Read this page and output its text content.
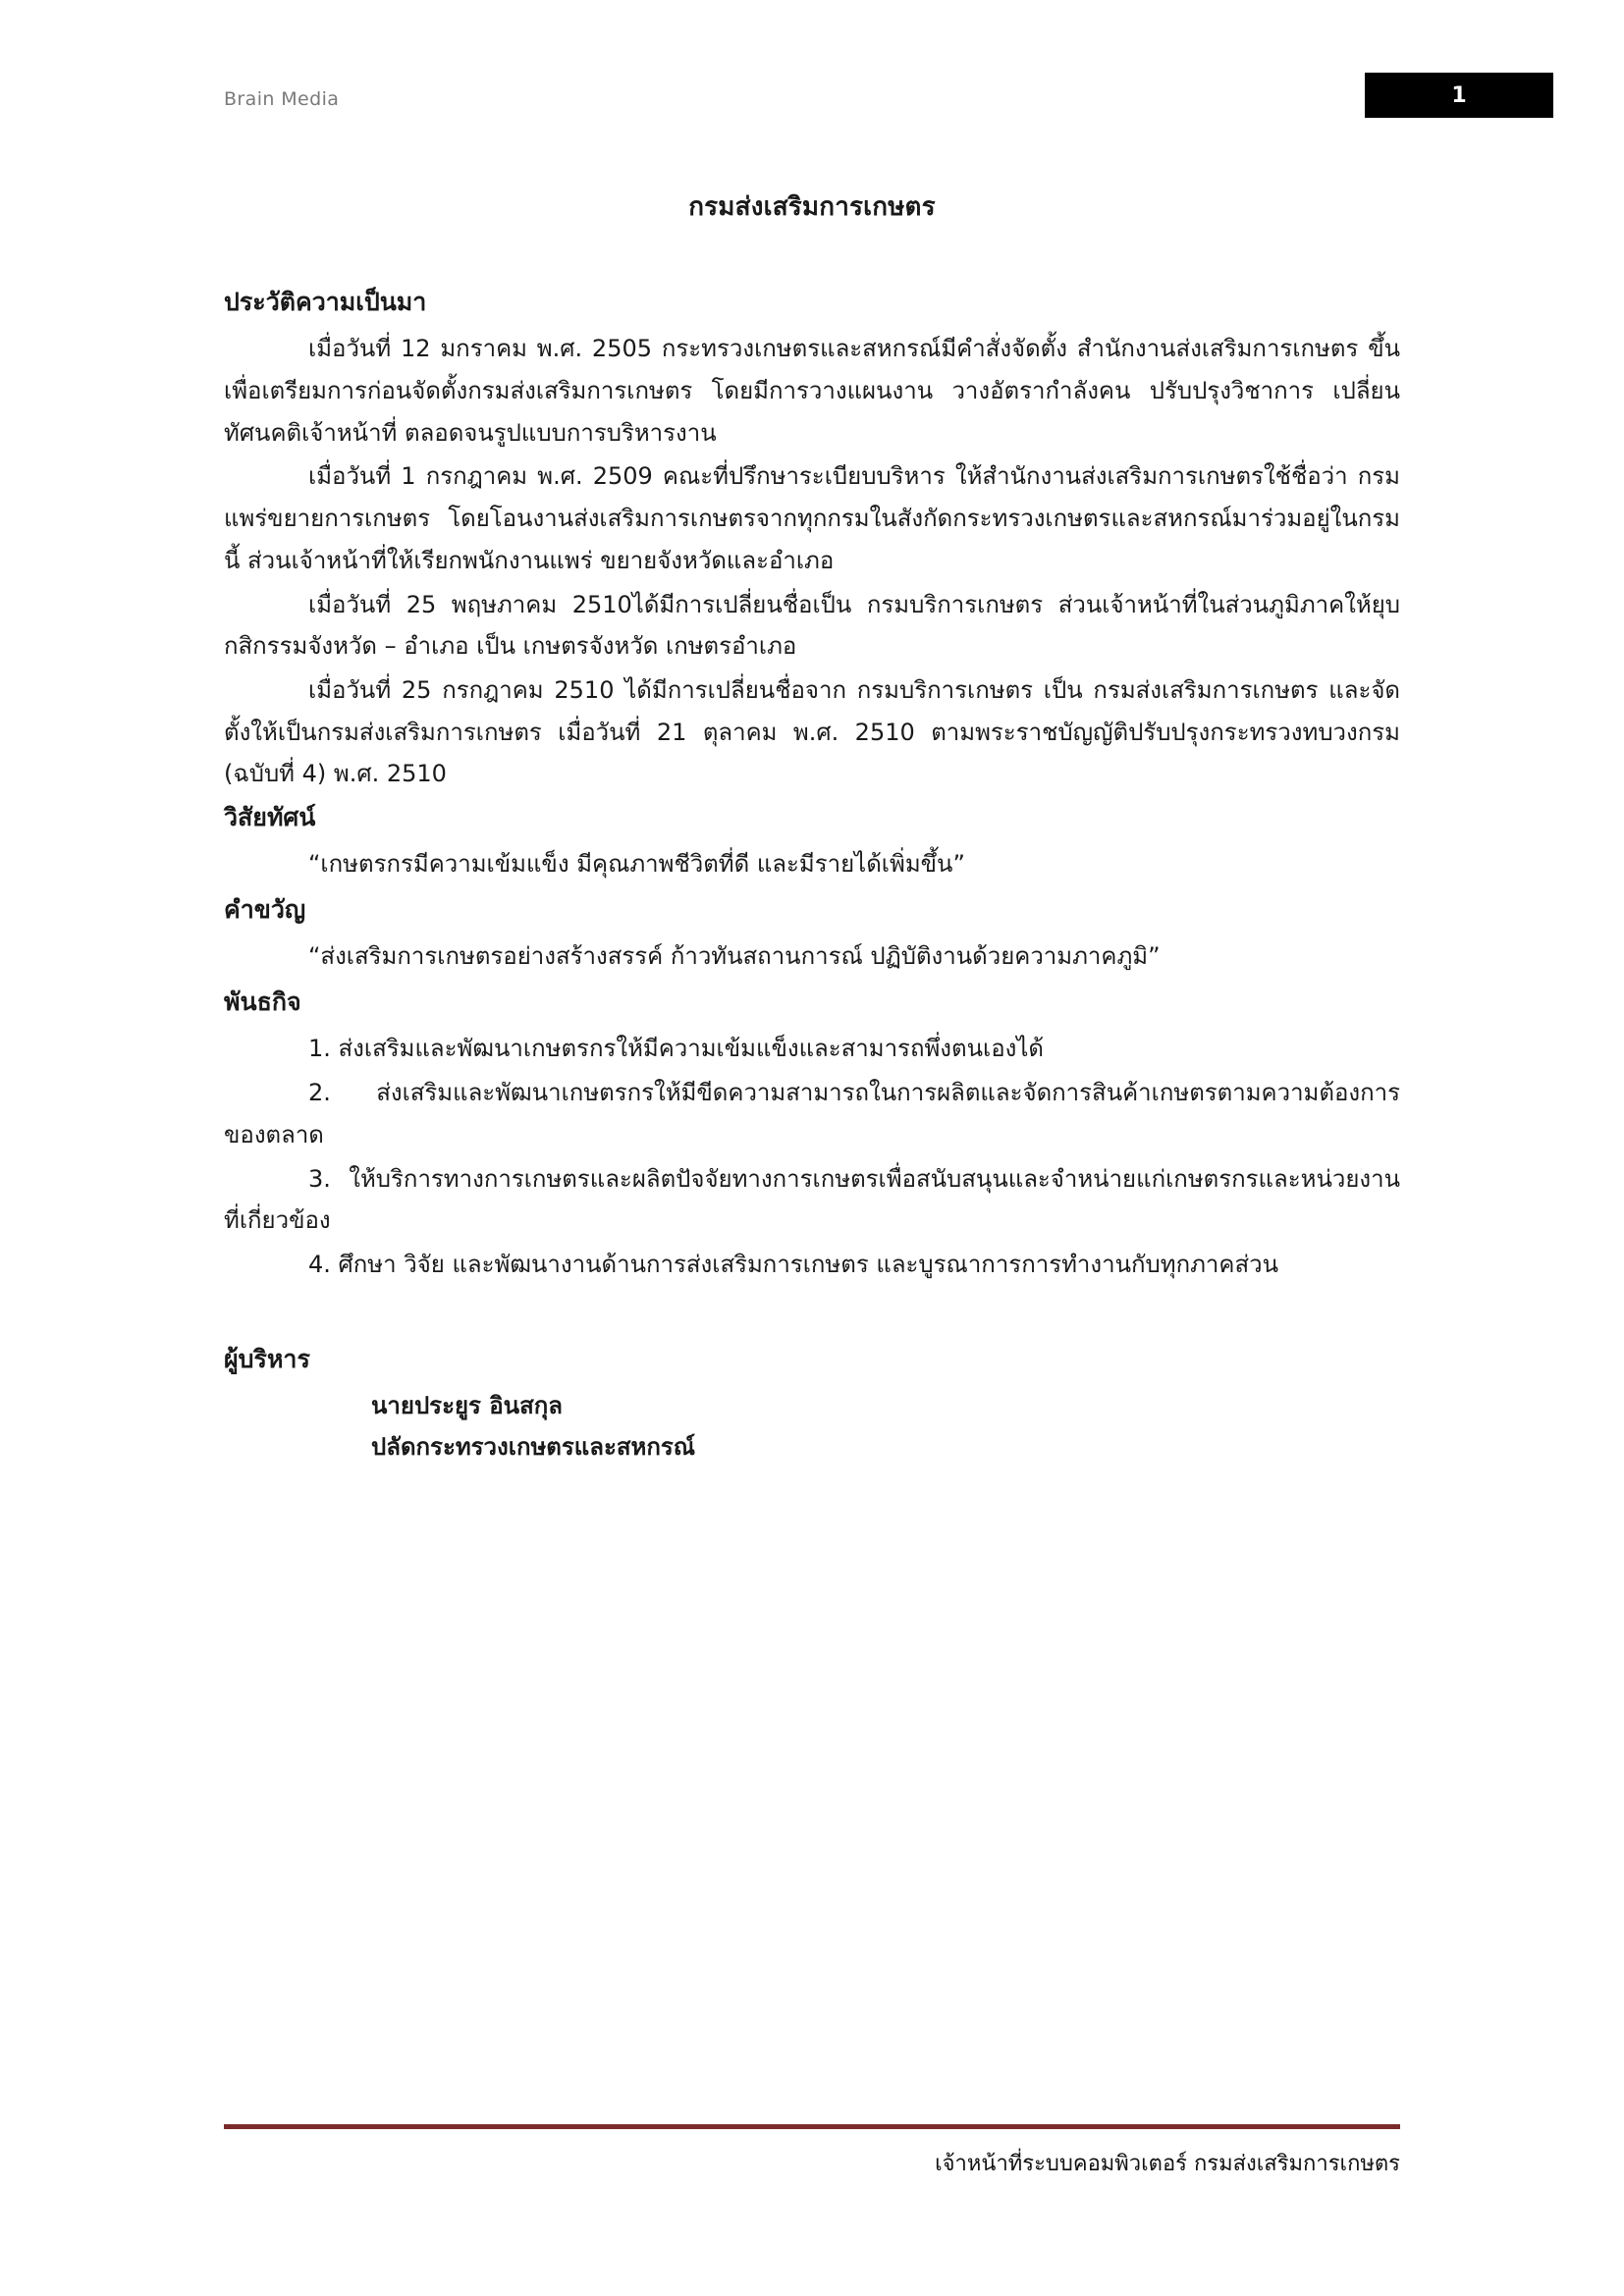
Brain Media	1
กรมส่งเสริมการเกษตร
ประวัติความเป็นมา

เมื่อวันที่ 12 มกราคม พ.ศ. 2505 กระทรวงเกษตรและสหกรณ์มีคำสั่งจัดตั้ง สำนักงานส่งเสริมการเกษตร ขึ้น เพื่อเตรียมการก่อนจัดตั้งกรมส่งเสริมการเกษตร โดยมีการวางแผนงาน วางอัตรากำลังคน ปรับปรุงวิชาการ เปลี่ยนทัศนคติเจ้าหน้าที่ ตลอดจนรูปแบบการบริหารงาน

เมื่อวันที่ 1 กรกฎาคม พ.ศ. 2509 คณะที่ปรึกษาระเบียบบริหาร ให้สำนักงานส่งเสริมการเกษตรใช้ชื่อว่า กรมแพร่ขยายการเกษตร โดยโอนงานส่งเสริมการเกษตรจากทุกกรมในสังกัดกระทรวงเกษตรและสหกรณ์มาร่วมอยู่ในกรมนี้ ส่วนเจ้าหน้าที่ให้เรียกพนักงานแพร่ ขยายจังหวัดและอำเภอ

เมื่อวันที่ 25 พฤษภาคม 2510ได้มีการเปลี่ยนชื่อเป็น กรมบริการเกษตร ส่วนเจ้าหน้าที่ในส่วนภูมิภาคให้ยุบกสิกรรมจังหวัด – อำเภอ เป็น เกษตรจังหวัด เกษตรอำเภอ

เมื่อวันที่ 25 กรกฎาคม 2510 ได้มีการเปลี่ยนชื่อจาก กรมบริการเกษตร เป็น กรมส่งเสริมการเกษตร และจัดตั้งให้เป็นกรมส่งเสริมการเกษตร เมื่อวันที่ 21 ตุลาคม พ.ศ. 2510 ตามพระราชบัญญัติปรับปรุงกระทรวงทบวงกรม (ฉบับที่ 4) พ.ศ. 2510

วิสัยทัศน์

“เกษตรกรมีความเข้มแข็ง มีคุณภาพชีวิตที่ดี และมีรายได้เพิ่มขึ้น”

คำขวัญ

“ส่งเสริมการเกษตรอย่างสร้างสรรค์ ก้าวทันสถานการณ์ ปฏิบัติงานด้วยความภาคภูมิ”

พันธกิจ

1. ส่งเสริมและพัฒนาเกษตรกรให้มีความเข้มแข็งและสามารถพึ่งตนเองได้

2. ส่งเสริมและพัฒนาเกษตรกรให้มีขีดความสามารถในการผลิตและจัดการสินค้าเกษตรตามความต้องการของตลาด

3. ให้บริการทางการเกษตรและผลิตปัจจัยทางการเกษตรเพื่อสนับสนุนและจำหน่ายแก่เกษตรกรและหน่วยงานที่เกี่ยวข้อง

4. ศึกษา วิจัย และพัฒนางานด้านการส่งเสริมการเกษตร และบูรณาการการทำงานกับทุกภาคส่วน

ผู้บริหาร

นายประยูร อินสกุล

ปลัดกระทรวงเกษตรและสหกรณ์

เจ้าหน้าที่ระบบคอมพิวเตอร์ กรมส่งเสริมการเกษตร
